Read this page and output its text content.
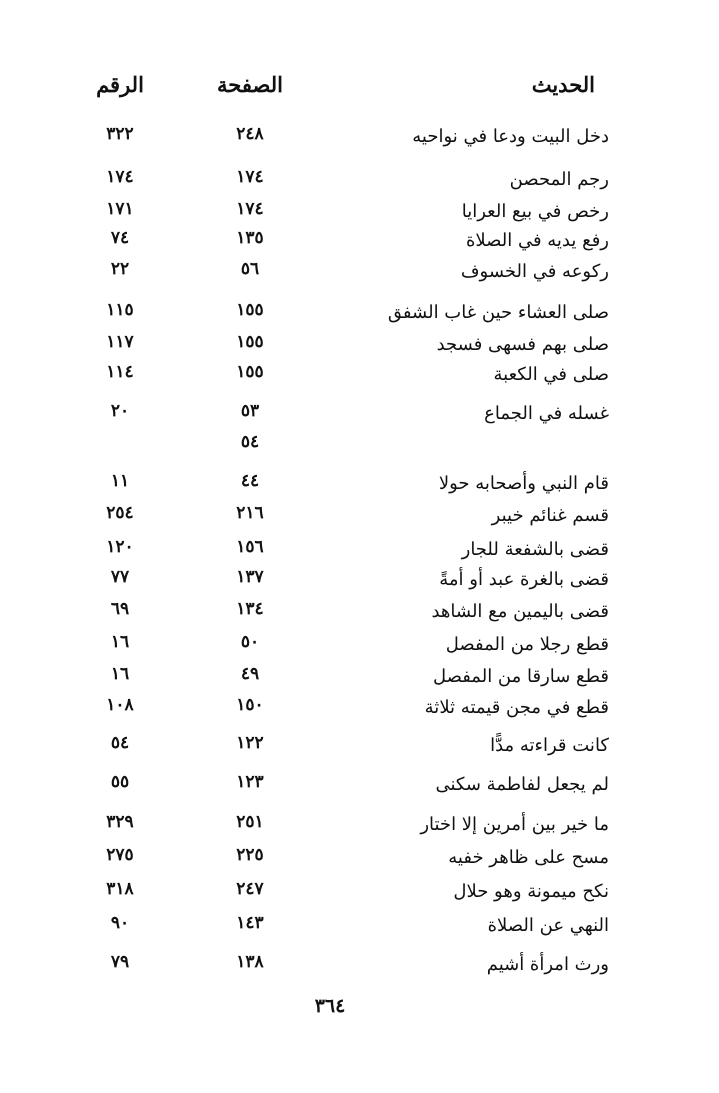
الحديث
الصفحة
الرقم
دخل البيت ودعا في نواحيه
٢٤٨
٣٢٢
رجم المحصن
١٧٤
١٧٤
رخص في بيع العرايا
١٧٤
١٧١
رفع يديه في الصلاة
١٣٥
٧٤
ركوعه في الخسوف
٥٦
٢٢
صلى العشاء حين غاب الشفق
١٥٥
١١٥
صلى بهم فسهى فسجد
١٥٥
١١٧
صلى في الكعبة
١٥٥
١١٤
غسله في الجماع
٥٣
٢٠
٥٤
قام النبي وأصحابه حولا
٤٤
١١
قسم غنائم خيبر
٢١٦
٢٥٤
قضى بالشفعة للجار
١٥٦
١٢٠
قضى بالغرة عبد أو أمةً
١٣٧
٧٧
قضى باليمين مع الشاهد
١٣٤
٦٩
قطع رجلا من المفصل
٥٠
١٦
قطع سارقا من المفصل
٤٩
١٦
قطع في مجن قيمته ثلاثة
١٥٠
١٠٨
كانت قراءته مدًّا
١٢٢
٥٤
لم يجعل لفاطمة سكنى
١٢٣
٥٥
ما خير بين أمرين إلا اختار
٢٥١
٣٢٩
مسح على ظاهر خفيه
٢٢٥
٢٧٥
نكح ميمونة وهو حلال
٢٤٧
٣١٨
النهي عن الصلاة
١٤٣
٩٠
ورث امرأة أشيم
١٣٨
٧٩
٣٦٤
